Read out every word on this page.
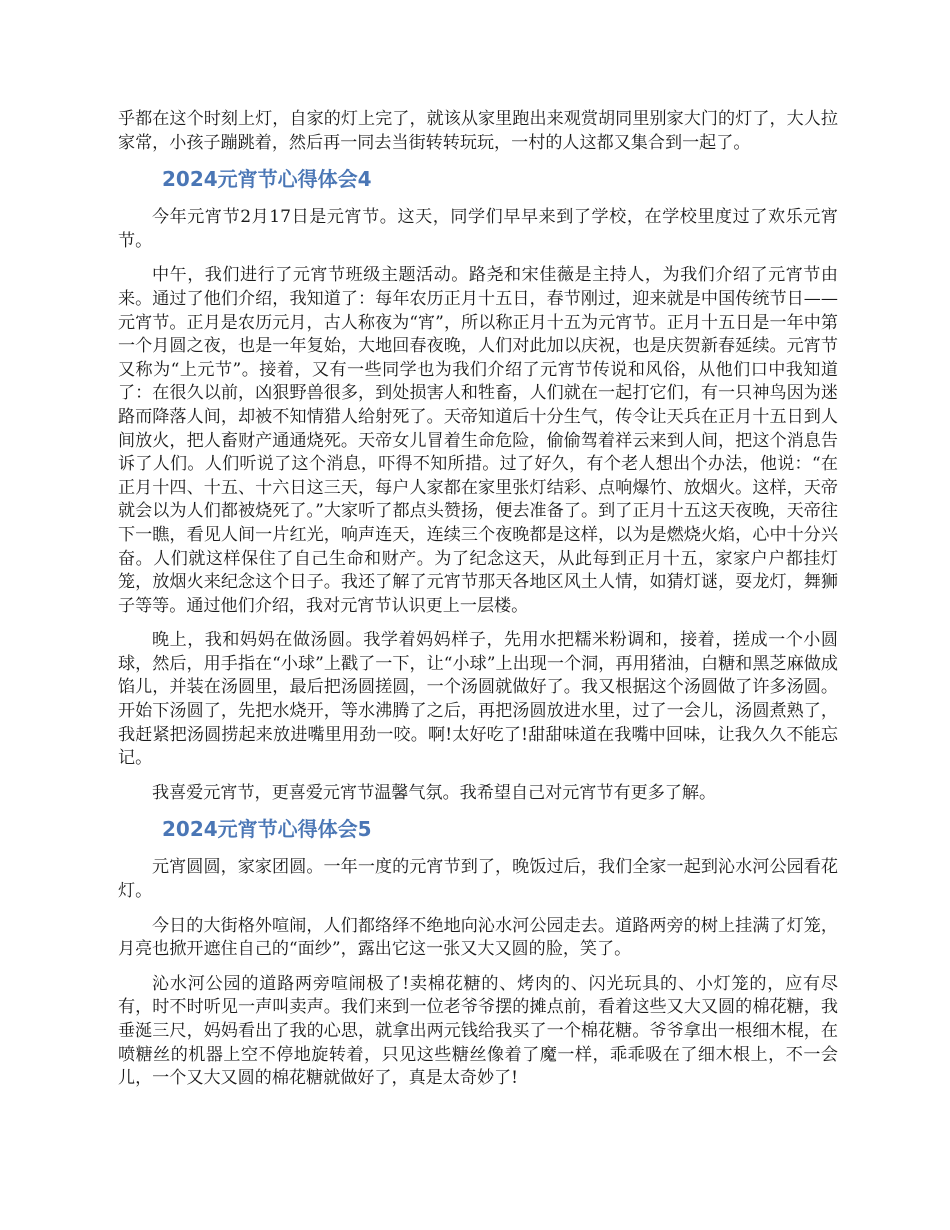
乎都在这个时刻上灯，自家的灯上完了，就该从家里跑出来观赏胡同里别家大门的灯了，大人拉家常，小孩子蹦跳着，然后再一同去当街转转玩玩，一村的人这都又集合到一起了。

2024元宵节心得体会4

今年元宵节2月17日是元宵节。这天，同学们早早来到了学校，在学校里度过了欢乐元宵节。

中午，我们进行了元宵节班级主题活动。路尧和宋佳薇是主持人，为我们介绍了元宵节由来。通过了他们介绍，我知道了：每年农历正月十五日，春节刚过，迎来就是中国传统节日——元宵节。正月是农历元月，古人称夜为“宵”，所以称正月十五为元宵节。正月十五日是一年中第一个月圆之夜，也是一年复始，大地回春夜晚，人们对此加以庆祝，也是庆贺新春延续。元宵节又称为“上元节”。接着，又有一些同学也为我们介绍了元宵节传说和风俗，从他们口中我知道了：在很久以前，凶狠野兽很多，到处损害人和牲畜，人们就在一起打它们，有一只神鸟因为迷路而降落人间，却被不知情猎人给射死了。天帝知道后十分生气，传令让天兵在正月十五日到人间放火，把人畜财产通通烧死。天帝女儿冒着生命危险，偷偷驾着祥云来到人间，把这个消息告诉了人们。人们听说了这个消息，吓得不知所措。过了好久，有个老人想出个办法，他说：“在正月十四、十五、十六日这三天，每户人家都在家里张灯结彩、点响爆竹、放烟火。这样，天帝就会以为人们都被烧死了。”大家听了都点头赞扬，便去准备了。到了正月十五这天夜晚，天帝往下一瞧，看见人间一片红光，响声连天，连续三个夜晚都是这样，以为是燃烧火焰，心中十分兴奋。人们就这样保住了自己生命和财产。为了纪念这天，从此每到正月十五，家家户户都挂灯笼，放烟火来纪念这个日子。我还了解了元宵节那天各地区风土人情，如猜灯谜，耍龙灯，舞狮子等等。通过他们介绍，我对元宵节认识更上一层楼。

晚上，我和妈妈在做汤圆。我学着妈妈样子，先用水把糯米粉调和，接着，搓成一个小圆球，然后，用手指在“小球”上戳了一下，让“小球”上出现一个洞，再用猪油，白糖和黑芝麻做成馅儿，并装在汤圆里，最后把汤圆搓圆，一个汤圆就做好了。我又根据这个汤圆做了许多汤圆。开始下汤圆了，先把水烧开，等水沸腾了之后，再把汤圆放进水里，过了一会儿，汤圆煮熟了，我赶紧把汤圆捞起来放进嘴里用劲一咬。啊!太好吃了!甜甜味道在我嘴中回味，让我久久不能忘记。

我喜爱元宵节，更喜爱元宵节温馨气氛。我希望自己对元宵节有更多了解。

2024元宵节心得体会5

元宵圆圆，家家团圆。一年一度的元宵节到了，晚饭过后，我们全家一起到沁水河公园看花灯。

今日的大街格外喧闹，人们都络绎不绝地向沁水河公园走去。道路两旁的树上挂满了灯笼，月亮也掀开遮住自己的“面纱”，露出它这一张又大又圆的脸，笑了。

沁水河公园的道路两旁喧闹极了!卖棉花糖的、烤肉的、闪光玩具的、小灯笼的，应有尽有，时不时听见一声叫卖声。我们来到一位老爷爷摆的摊点前，看着这些又大又圆的棉花糖，我垂涎三尺，妈妈看出了我的心思，就拿出两元钱给我买了一个棉花糖。爷爷拿出一根细木棍，在喷糖丝的机器上空不停地旋转着，只见这些糖丝像着了魔一样，乖乖吸在了细木根上，不一会儿，一个又大又圆的棉花糖就做好了，真是太奇妙了!
